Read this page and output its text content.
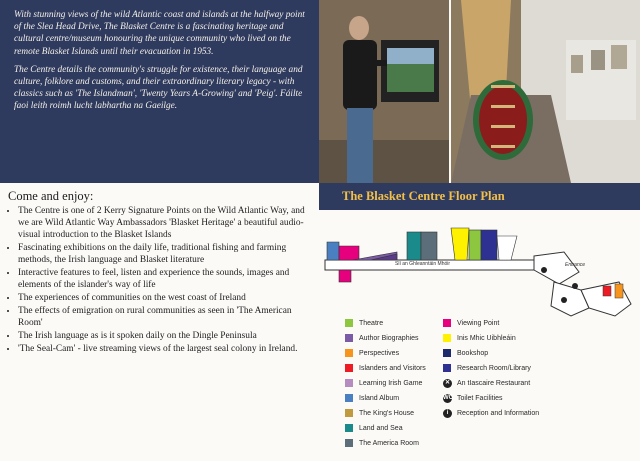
With stunning views of the wild Atlantic coast and islands at the halfway point of the Slea Head Drive, The Blasket Centre is a fascinating heritage and cultural centre/museum honouring the unique community who lived on the remote Blasket Islands until their evacuation in 1953.

The Centre details the community's struggle for existence, their language and culture, folklore and customs, and their extraordinary literary legacy - with classics such as 'The Islandman', 'Twenty Years A-Growing' and 'Peig'. Fáilte faoi leith roimh lucht labhartha na Gaeilge.

Come and enjoy:
• The Centre is one of 2 Kerry Signature Points on the Wild Atlantic Way, and we are Wild Atlantic Way Ambassadors 'Blasket Heritage' a beautiful audio-visual introduction to the Blasket Islands
• Fascinating exhibitions on the daily life, traditional fishing and farming methods, the Irish language and Blasket literature
• Interactive features to feel, listen and experience the sounds, images and elements of the islander's way of life
• The experiences of communities on the west coast of Ireland
• The effects of emigration on rural communities as seen in 'The American Room'
• The Irish language as is it spoken daily on the Dingle Peninsula
• 'The Seal-Cam' - live streaming views of the largest seal colony in Ireland.
The Blasket Centre Floor Plan
Slí an Ghleanntáin Mhóir	Entrance
Theatre
Author Biographies
Perspectives
Islanders and Visitors
Learning Irish Game
Island Album
The King's House
Land and Sea
The America Room
Viewing Point
Inis Mhic Uibhleáin
Bookshop
Research Room/Library
✕ An tIascaire Restaurant
WC Toilet Facilities
i Reception and Information
